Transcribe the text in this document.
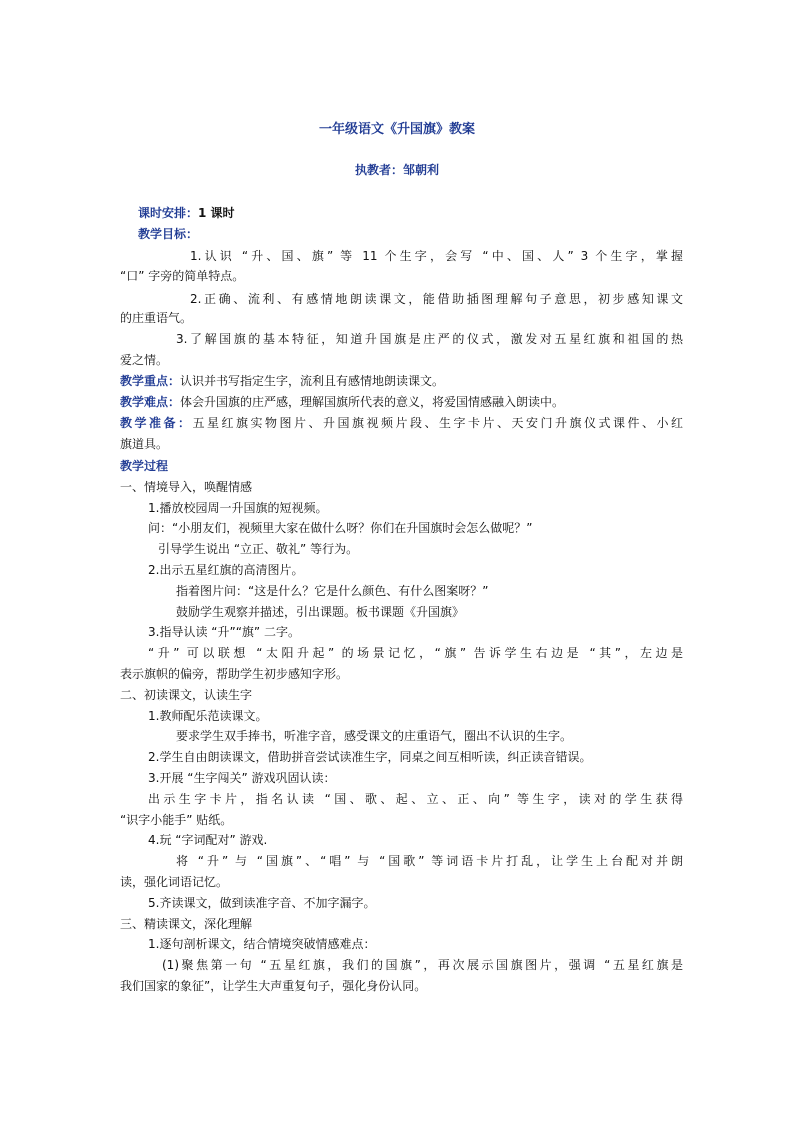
一年级语文《升国旗》教案
执教者：邹朝利
课时安排：1 课时
教学目标：
1.认识 “升、国、旗” 等 11 个生字，会写 “中、国、人” 3 个生字，掌握
“口” 字旁的简单特点。
2.正确、流利、有感情地朗读课文，能借助插图理解句子意思，初步感知课文
的庄重语气。
3.了解国旗的基本特征，知道升国旗是庄严的仪式，激发对五星红旗和祖国的热
爱之情。
教学重点：认识并书写指定生字，流利且有感情地朗读课文。
教学难点：体会升国旗的庄严感，理解国旗所代表的意义，将爱国情感融入朗读中。
教学准备：五星红旗实物图片、升国旗视频片段、生字卡片、天安门升旗仪式课件、小红
旗道具。
教学过程
一、情境导入，唤醒情感
1.播放校园周一升国旗的短视频。
问：“小朋友们，视频里大家在做什么呀？你们在升国旗时会怎么做呢？”
引导学生说出 “立正、敬礼” 等行为。
2.出示五星红旗的高清图片。
指着图片问：“这是什么？它是什么颜色、有什么图案呀？”
鼓励学生观察并描述，引出课题。板书课题《升国旗》
3.指导认读 “升”“旗” 二字。
“升” 可以联想 “太阳升起” 的场景记忆，“旗” 告诉学生右边是 “其”，左边是
表示旗帜的偏旁，帮助学生初步感知字形。
二、初读课文，认读生字
1.教师配乐范读课文。
要求学生双手捧书，听准字音，感受课文的庄重语气，圈出不认识的生字。
2.学生自由朗读课文，借助拼音尝试读准生字，同桌之间互相听读，纠正读音错误。
3.开展 “生字闯关” 游戏巩固认读：
出示生字卡片，指名认读 “国、歌、起、立、正、向” 等生字，读对的学生获得
“识字小能手” 贴纸。
4.玩 “字词配对” 游戏.
将 “升” 与 “国旗”、“唱” 与 “国歌” 等词语卡片打乱，让学生上台配对并朗
读，强化词语记忆。
5.齐读课文，做到读准字音、不加字漏字。
三、精读课文，深化理解
1.逐句剖析课文，结合情境突破情感难点：
(1)聚焦第一句 “五星红旗，我们的国旗”，再次展示国旗图片，强调 “五星红旗是
我们国家的象征”，让学生大声重复句子，强化身份认同。
